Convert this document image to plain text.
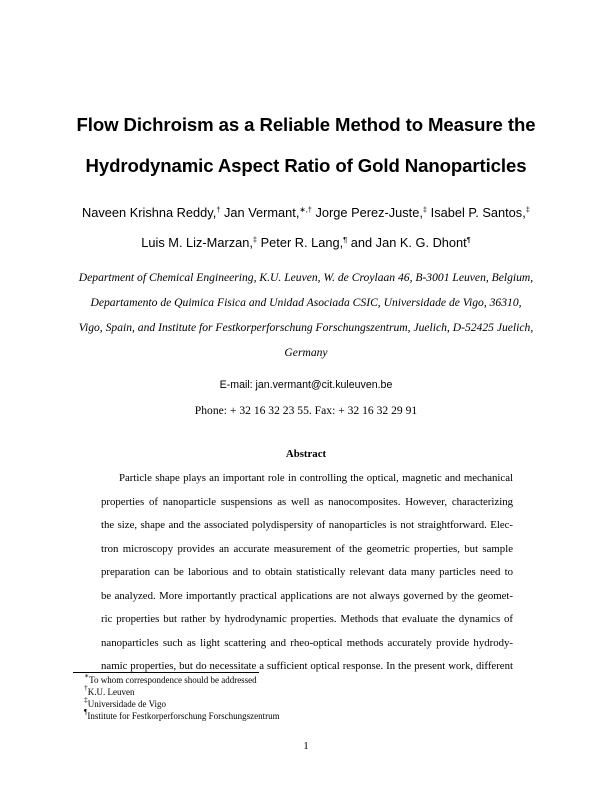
Flow Dichroism as a Reliable Method to Measure the
Hydrodynamic Aspect Ratio of Gold Nanoparticles
Naveen Krishna Reddy,† Jan Vermant,∗,† Jorge Perez-Juste,‡ Isabel P. Santos,‡
Luis M. Liz-Marzan,‡ Peter R. Lang,¶ and Jan K. G. Dhont¶
Department of Chemical Engineering, K.U. Leuven, W. de Croylaan 46, B-3001 Leuven, Belgium,
Departamento de Quimica Fisica and Unidad Asociada CSIC, Universidade de Vigo, 36310,
Vigo, Spain, and Institute for Festkorperforschung Forschungszentrum, Juelich, D-52425 Juelich,
Germany
E-mail: jan.vermant@cit.kuleuven.be
Phone: + 32 16 32 23 55. Fax: + 32 16 32 29 91
Abstract
Particle shape plays an important role in controlling the optical, magnetic and mechanical
properties of nanoparticle suspensions as well as nanocomposites. However, characterizing
the size, shape and the associated polydispersity of nanoparticles is not straightforward. Elec-
tron microscopy provides an accurate measurement of the geometric properties, but sample
preparation can be laborious and to obtain statistically relevant data many particles need to
be analyzed. More importantly practical applications are not always governed by the geomet-
ric properties but rather by hydrodynamic properties. Methods that evaluate the dynamics of
nanoparticles such as light scattering and rheo-optical methods accurately provide hydrody-
namic properties, but do necessitate a sufficient optical response. In the present work, different
∗To whom correspondence should be addressed
†K.U. Leuven
‡Universidade de Vigo
¶Institute for Festkorperforschung Forschungszentrum
1
